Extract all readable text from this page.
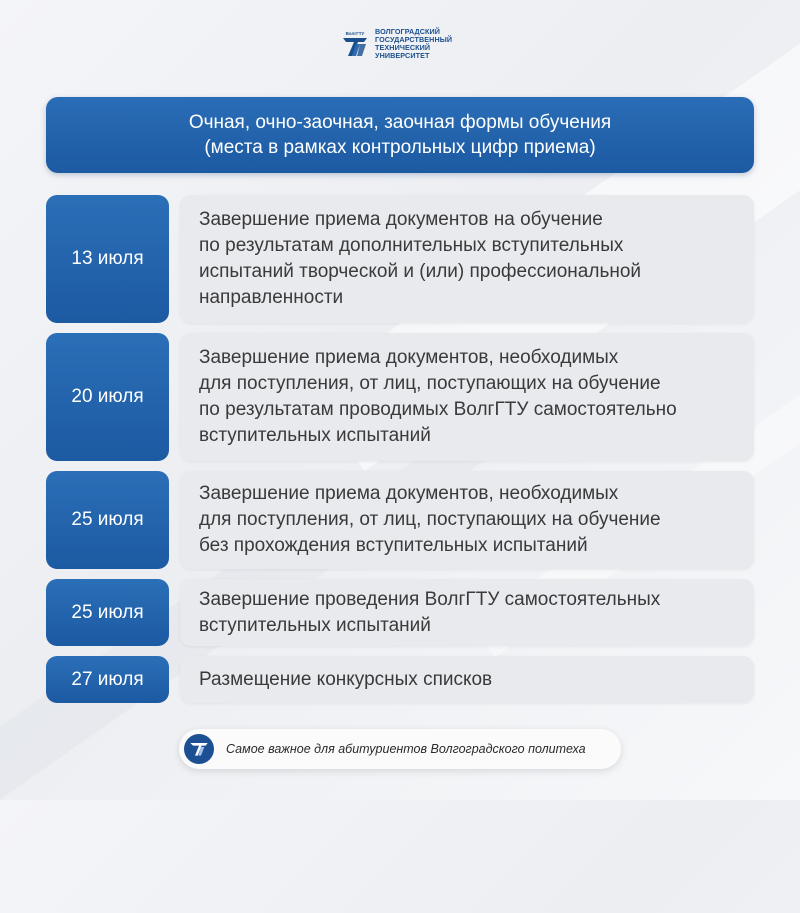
ВолгГТУ ВОЛГОГРАДСКИЙ
ГОСУДАРСТВЕННЫЙ
ТЕХНИЧЕСКИЙ
УНИВЕРСИТЕТ
Очная, очно-заочная, заочная формы обучения
(места в рамках контрольных цифр приема)
13 июля
Завершение приема документов на обучение
по результатам дополнительных вступительных
испытаний творческой и (или) профессиональной
направленности
20 июля
Завершение приема документов, необходимых
для поступления, от лиц, поступающих на обучение
по результатам проводимых ВолгГТУ самостоятельно
вступительных испытаний
25 июля
Завершение приема документов, необходимых
для поступления, от лиц, поступающих на обучение
без прохождения вступительных испытаний
25 июля
Завершение проведения ВолгГТУ самостоятельных
вступительных испытаний
27 июля	Размещение конкурсных списков
Самое важное для абитуриентов Волгоградского политеха
